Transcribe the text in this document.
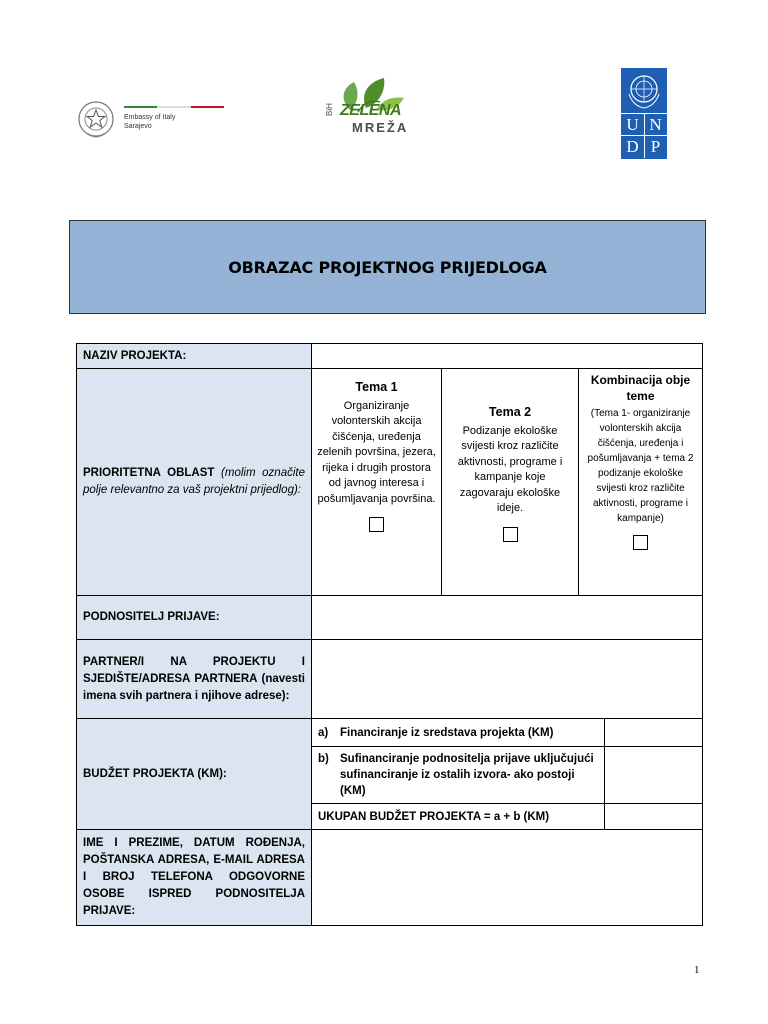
Embassy of Italy
Sarajevo
BiH ZELENA
MREŽA	U N
D P
OBRAZAC PROJEKTNOG PRIJEDLOGA
NAZIV PROJEKTA:
PRIORITETNA OBLAST (molim označite polje relevantno za vaš projektni prijedlog):
Tema 1
Organiziranje volonterskih akcija čišćenja, uređenja zelenih površina, jezera, rijeka i drugih prostora od javnog interesa i pošumljavanja površina.
Tema 2
Podizanje ekološke svijesti kroz različite aktivnosti, programe i kampanje koje zagovaraju ekološke ideje.
Kombinacija obje teme
(Tema 1- organiziranje volonterskih akcija čišćenja, uređenja i pošumljavanja + tema 2 podizanje ekološke svijesti kroz različite aktivnosti, programe i kampanje)
PODNOSITELJ PRIJAVE:
PARTNER/I NA PROJEKTU I SJEDIŠTE/ADRESA PARTNERA (navesti imena svih partnera i njihove adrese):
BUDŽET PROJEKTA (KM):
a)	Financiranje iz sredstava projekta (KM)
b) Sufinanciranje podnositelja prijave uključujući sufinanciranje iz ostalih izvora- ako postoji (KM)
UKUPAN BUDŽET PROJEKTA = a + b (KM)
IME I PREZIME, DATUM ROĐENJA, POŠTANSKA ADRESA, E-MAIL ADRESA I BROJ TELEFONA ODGOVORNE OSOBE ISPRED PODNOSITELJA PRIJAVE:
1
